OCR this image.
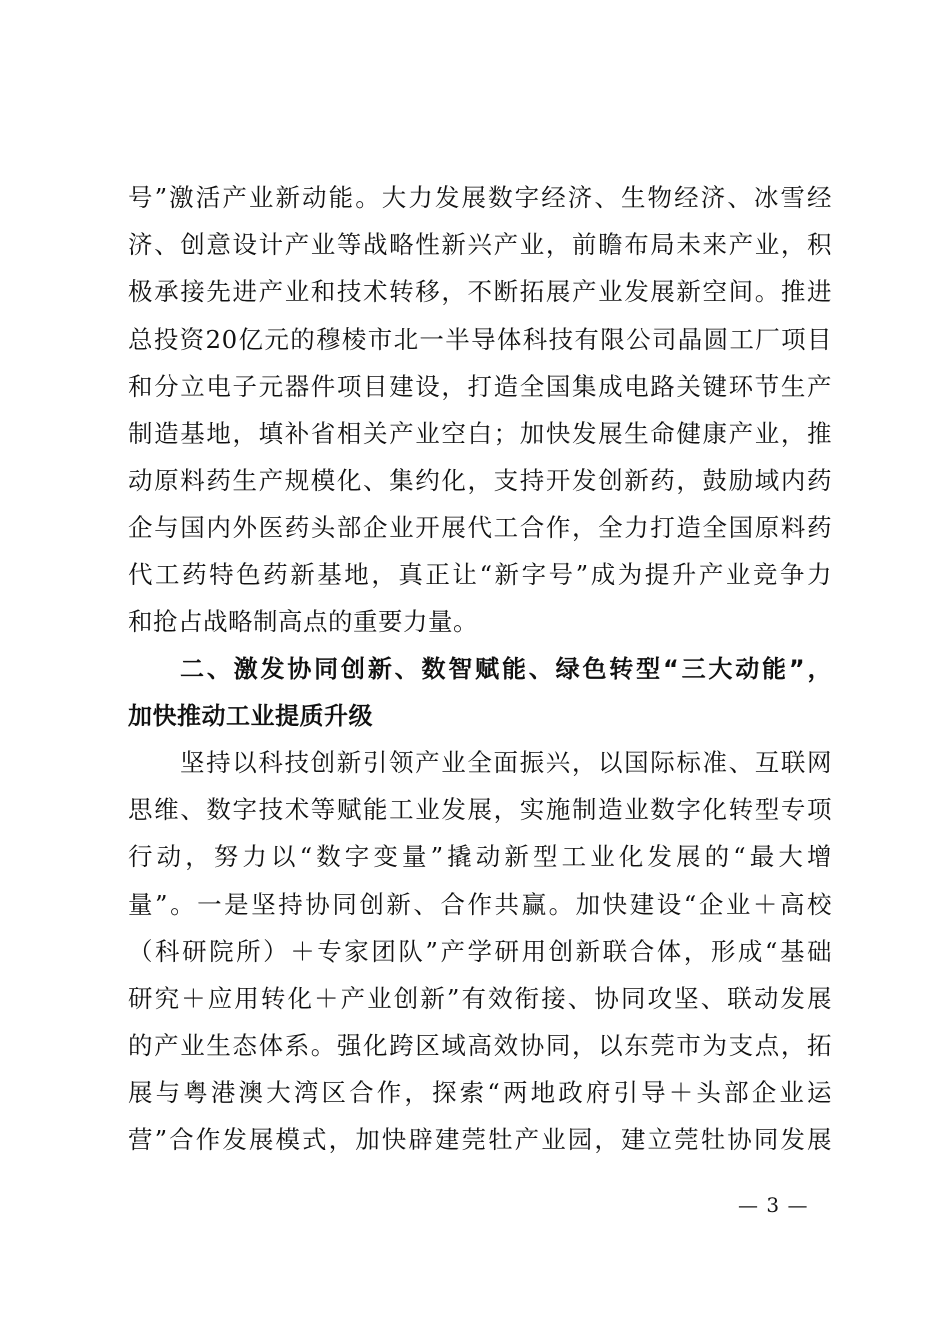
号”激活产业新动能。大力发展数字经济、生物经济、冰雪经
济、创意设计产业等战略性新兴产业，前瞻布局未来产业，积
极承接先进产业和技术转移，不断拓展产业发展新空间。推进
总投资20亿元的穆棱市北一半导体科技有限公司晶圆工厂项目
和分立电子元器件项目建设，打造全国集成电路关键环节生产
制造基地，填补省相关产业空白；加快发展生命健康产业，推
动原料药生产规模化、集约化，支持开发创新药，鼓励域内药
企与国内外医药头部企业开展代工合作，全力打造全国原料药
代工药特色药新基地，真正让“新字号”成为提升产业竞争力
和抢占战略制高点的重要力量。
二、激发协同创新、数智赋能、绿色转型“三大动能”，
加快推动工业提质升级
坚持以科技创新引领产业全面振兴，以国际标准、互联网
思维、数字技术等赋能工业发展，实施制造业数字化转型专项
行动，努力以“数字变量”撬动新型工业化发展的“最大增
量”。一是坚持协同创新、合作共赢。加快建设“企业＋高校
（科研院所）＋专家团队”产学研用创新联合体，形成“基础
研究＋应用转化＋产业创新”有效衔接、协同攻坚、联动发展
的产业生态体系。强化跨区域高效协同，以东莞市为支点，拓
展与粤港澳大湾区合作，探索“两地政府引导＋头部企业运
营”合作发展模式，加快辟建莞牡产业园，建立莞牡协同发展
— 3 —
